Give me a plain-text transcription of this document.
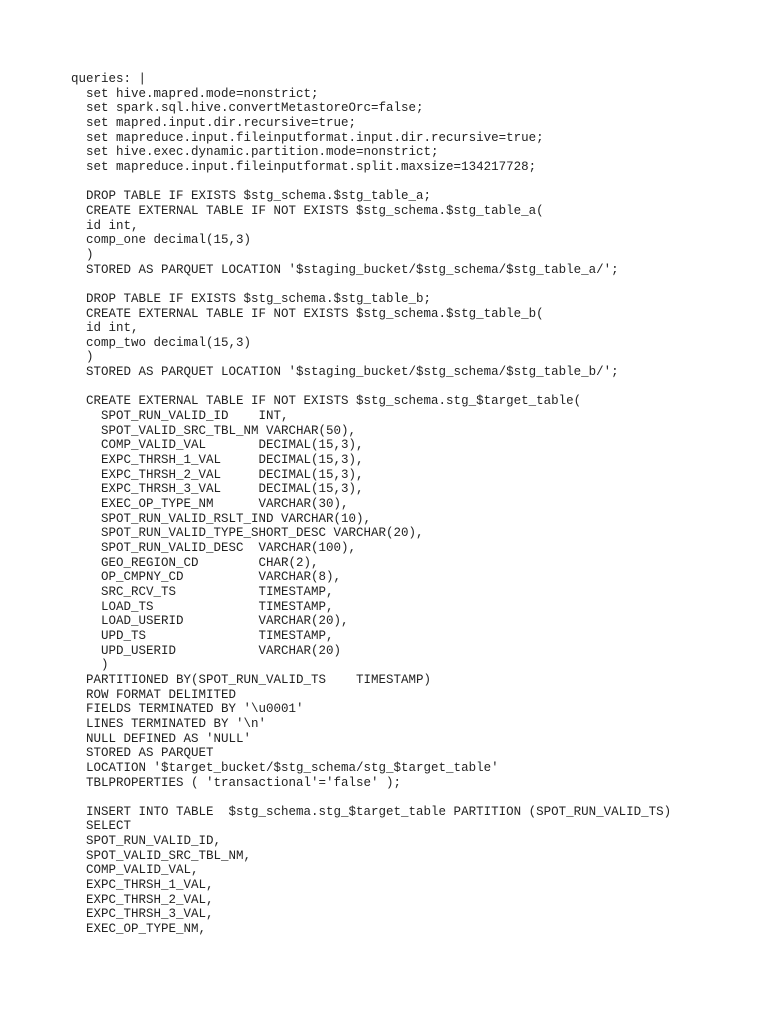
queries: |
set hive.mapred.mode=nonstrict;
set spark.sql.hive.convertMetastoreOrc=false;
set mapred.input.dir.recursive=true;
set mapreduce.input.fileinputformat.input.dir.recursive=true;
set hive.exec.dynamic.partition.mode=nonstrict;
set mapreduce.input.fileinputformat.split.maxsize=134217728;
DROP TABLE IF EXISTS $stg_schema.$stg_table_a;
CREATE EXTERNAL TABLE IF NOT EXISTS $stg_schema.$stg_table_a(
id int,
comp_one decimal(15,3)
)
STORED AS PARQUET LOCATION '$staging_bucket/$stg_schema/$stg_table_a/';
DROP TABLE IF EXISTS $stg_schema.$stg_table_b;
CREATE EXTERNAL TABLE IF NOT EXISTS $stg_schema.$stg_table_b(
id int,
comp_two decimal(15,3)
)
STORED AS PARQUET LOCATION '$staging_bucket/$stg_schema/$stg_table_b/';
CREATE EXTERNAL TABLE IF NOT EXISTS $stg_schema.stg_$target_table(
SPOT_RUN_VALID_ID    INT,
SPOT_VALID_SRC_TBL_NM VARCHAR(50),
COMP_VALID_VAL       DECIMAL(15,3),
EXPC_THRSH_1_VAL     DECIMAL(15,3),
EXPC_THRSH_2_VAL     DECIMAL(15,3),
EXPC_THRSH_3_VAL     DECIMAL(15,3),
EXEC_OP_TYPE_NM      VARCHAR(30),
SPOT_RUN_VALID_RSLT_IND VARCHAR(10),
SPOT_RUN_VALID_TYPE_SHORT_DESC VARCHAR(20),
SPOT_RUN_VALID_DESC  VARCHAR(100),
GEO_REGION_CD        CHAR(2),
OP_CMPNY_CD          VARCHAR(8),
SRC_RCV_TS           TIMESTAMP,
LOAD_TS              TIMESTAMP,
LOAD_USERID          VARCHAR(20),
UPD_TS               TIMESTAMP,
UPD_USERID           VARCHAR(20)
)
PARTITIONED BY(SPOT_RUN_VALID_TS    TIMESTAMP)
ROW FORMAT DELIMITED
FIELDS TERMINATED BY '\u0001'
LINES TERMINATED BY '\n'
NULL DEFINED AS 'NULL'
STORED AS PARQUET
LOCATION '$target_bucket/$stg_schema/stg_$target_table'
TBLPROPERTIES ( 'transactional'='false' );
INSERT INTO TABLE  $stg_schema.stg_$target_table PARTITION (SPOT_RUN_VALID_TS)
SELECT
SPOT_RUN_VALID_ID,
SPOT_VALID_SRC_TBL_NM,
COMP_VALID_VAL,
EXPC_THRSH_1_VAL,
EXPC_THRSH_2_VAL,
EXPC_THRSH_3_VAL,
EXEC_OP_TYPE_NM,
